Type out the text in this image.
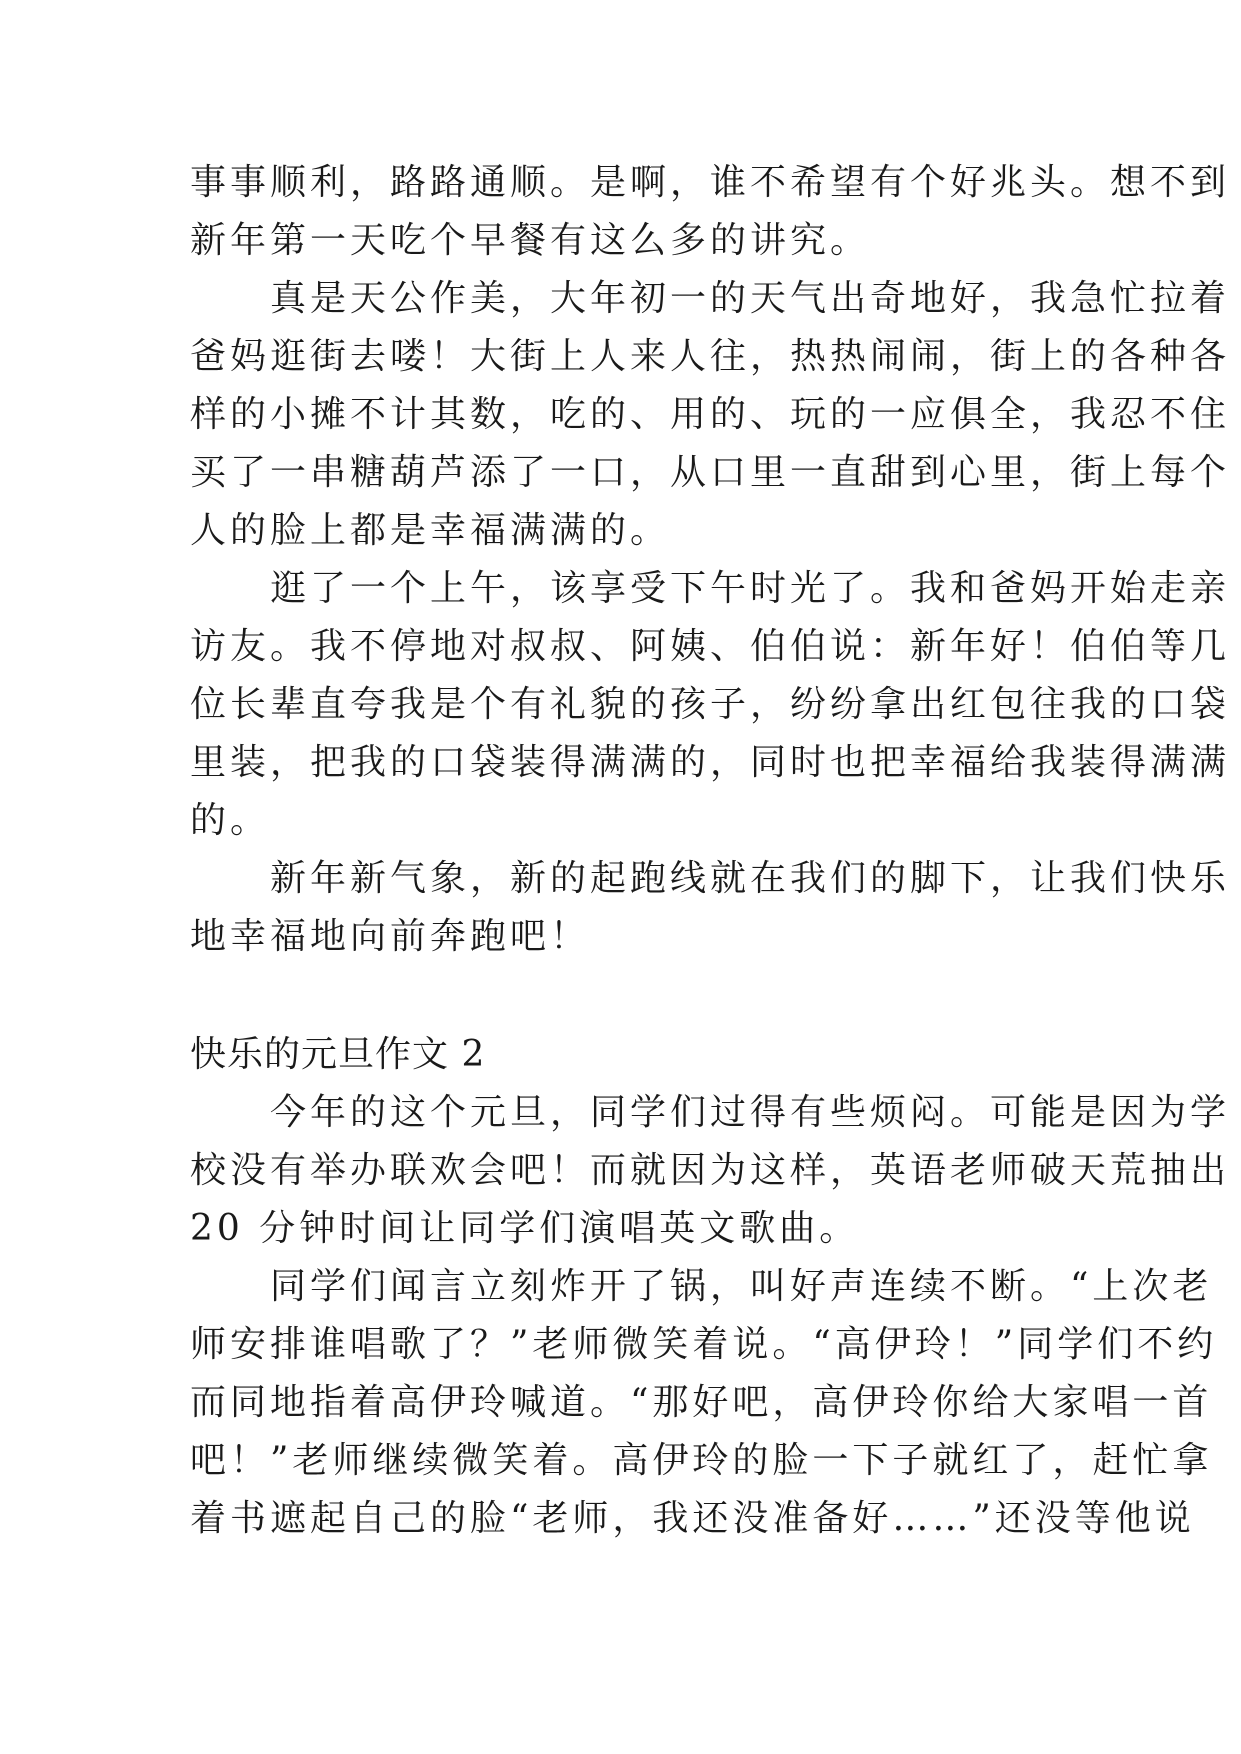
事事顺利，路路通顺。是啊，谁不希望有个好兆头。想不到
新年第一天吃个早餐有这么多的讲究。
　　真是天公作美，大年初一的天气出奇地好，我急忙拉着
爸妈逛街去喽！大街上人来人往，热热闹闹，街上的各种各
样的小摊不计其数，吃的、用的、玩的一应俱全，我忍不住
买了一串糖葫芦添了一口，从口里一直甜到心里，街上每个
人的脸上都是幸福满满的。
　　逛了一个上午，该享受下午时光了。我和爸妈开始走亲
访友。我不停地对叔叔、阿姨、伯伯说：新年好！伯伯等几
位长辈直夸我是个有礼貌的孩子，纷纷拿出红包往我的口袋
里装，把我的口袋装得满满的，同时也把幸福给我装得满满
的。
　　新年新气象，新的起跑线就在我们的脚下，让我们快乐
地幸福地向前奔跑吧！
快乐的元旦作文 2
　　今年的这个元旦，同学们过得有些烦闷。可能是因为学
校没有举办联欢会吧！而就因为这样，英语老师破天荒抽出
20 分钟时间让同学们演唱英文歌曲。
　　同学们闻言立刻炸开了锅，叫好声连续不断。“上次老
师安排谁唱歌了？”老师微笑着说。“高伊玲！”同学们不约
而同地指着高伊玲喊道。“那好吧，高伊玲你给大家唱一首
吧！”老师继续微笑着。高伊玲的脸一下子就红了，赶忙拿
着书遮起自己的脸“老师，我还没准备好……”还没等他说
